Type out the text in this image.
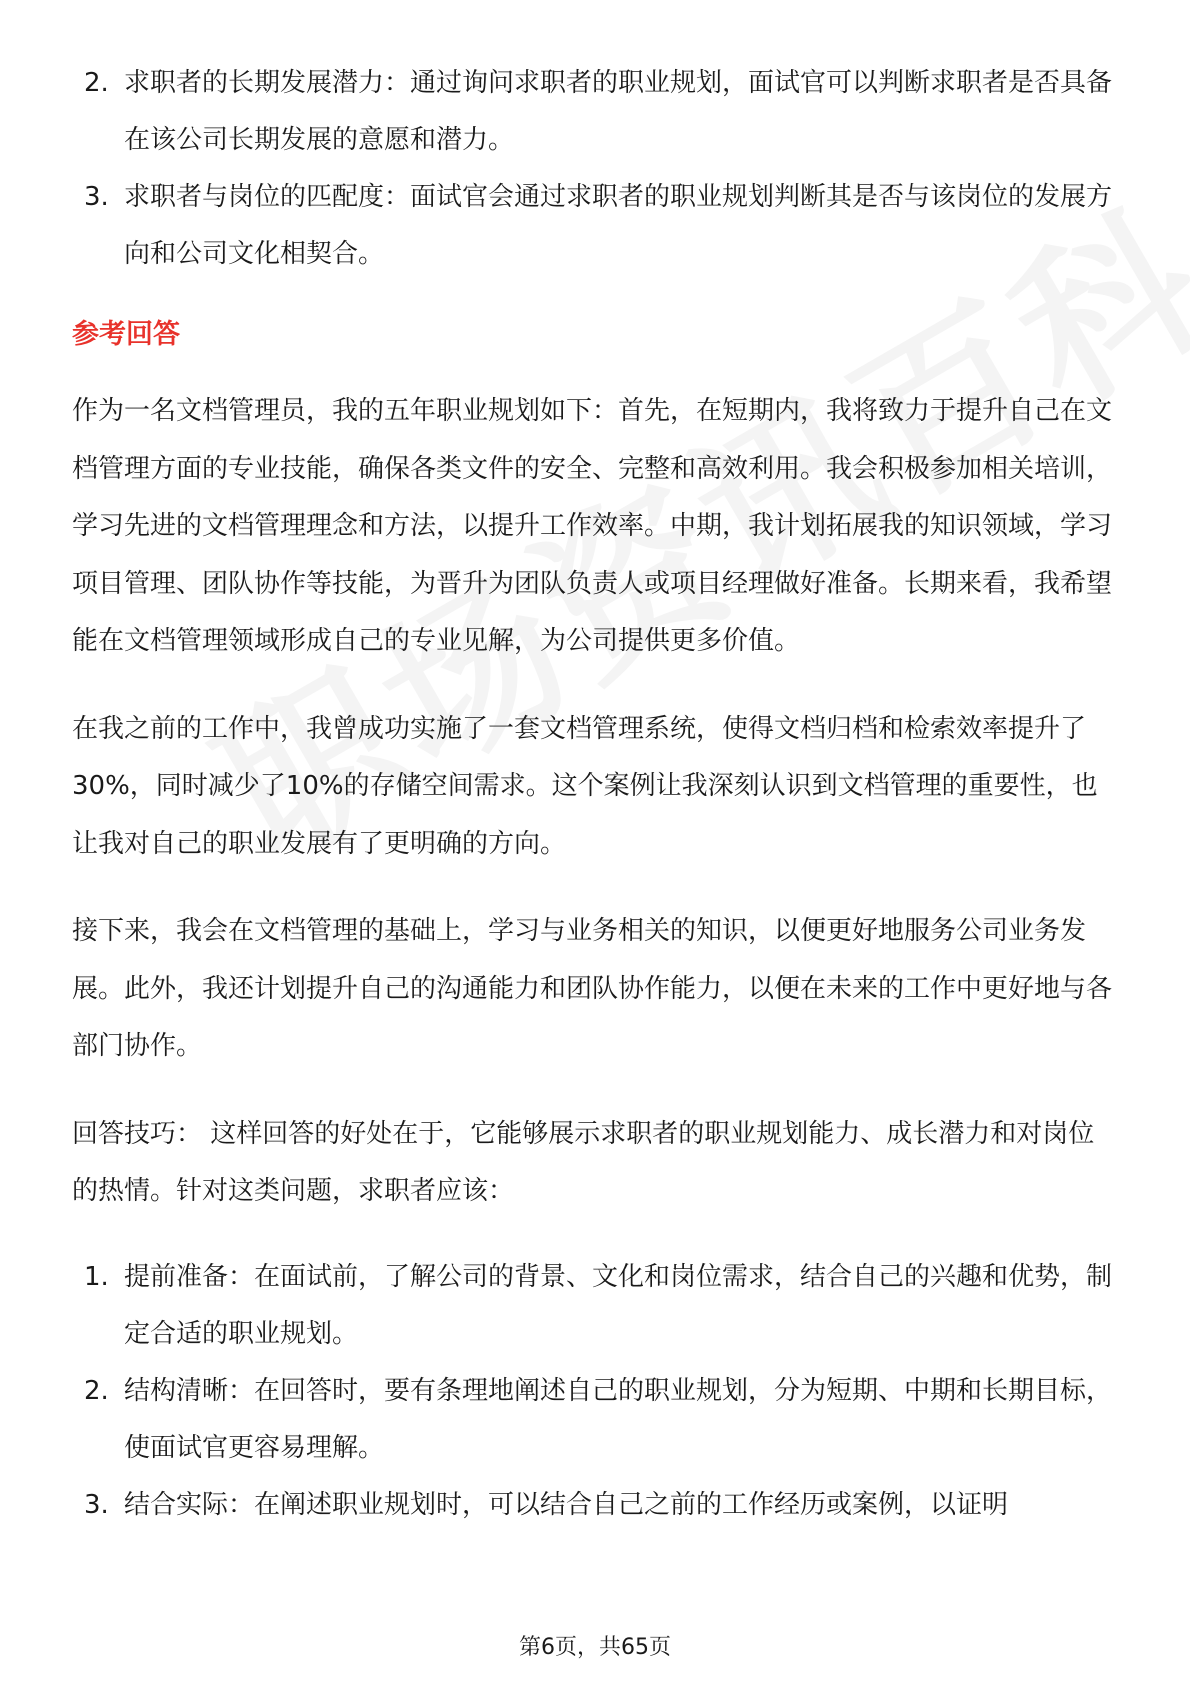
2. 求职者的长期发展潜力：通过询问求职者的职业规划，面试官可以判断求职者是否具备在该公司长期发展的意愿和潜力。
3. 求职者与岗位的匹配度：面试官会通过求职者的职业规划判断其是否与该岗位的发展方向和公司文化相契合。
参考回答

作为一名文档管理员，我的五年职业规划如下：首先，在短期内，我将致力于提升自己在文档管理方面的专业技能，确保各类文件的安全、完整和高效利用。我会积极参加相关培训，学习先进的文档管理理念和方法，以提升工作效率。中期，我计划拓展我的知识领域，学习项目管理、团队协作等技能，为晋升为团队负责人或项目经理做好准备。长期来看，我希望能在文档管理领域形成自己的专业见解，为公司提供更多价值。

在我之前的工作中，我曾成功实施了一套文档管理系统，使得文档归档和检索效率提升了30%，同时减少了10%的存储空间需求。这个案例让我深刻认识到文档管理的重要性，也让我对自己的职业发展有了更明确的方向。

接下来，我会在文档管理的基础上，学习与业务相关的知识，以便更好地服务公司业务发展。此外，我还计划提升自己的沟通能力和团队协作能力，以便在未来的工作中更好地与各部门协作。

回答技巧： 这样回答的好处在于，它能够展示求职者的职业规划能力、成长潜力和对岗位的热情。针对这类问题，求职者应该：

1. 提前准备：在面试前，了解公司的背景、文化和岗位需求，结合自己的兴趣和优势，制定合适的职业规划。
2. 结构清晰：在回答时，要有条理地阐述自己的职业规划，分为短期、中期和长期目标，使面试官更容易理解。
3. 结合实际：在阐述职业规划时，可以结合自己之前的工作经历或案例，以证明
第6页，共65页
